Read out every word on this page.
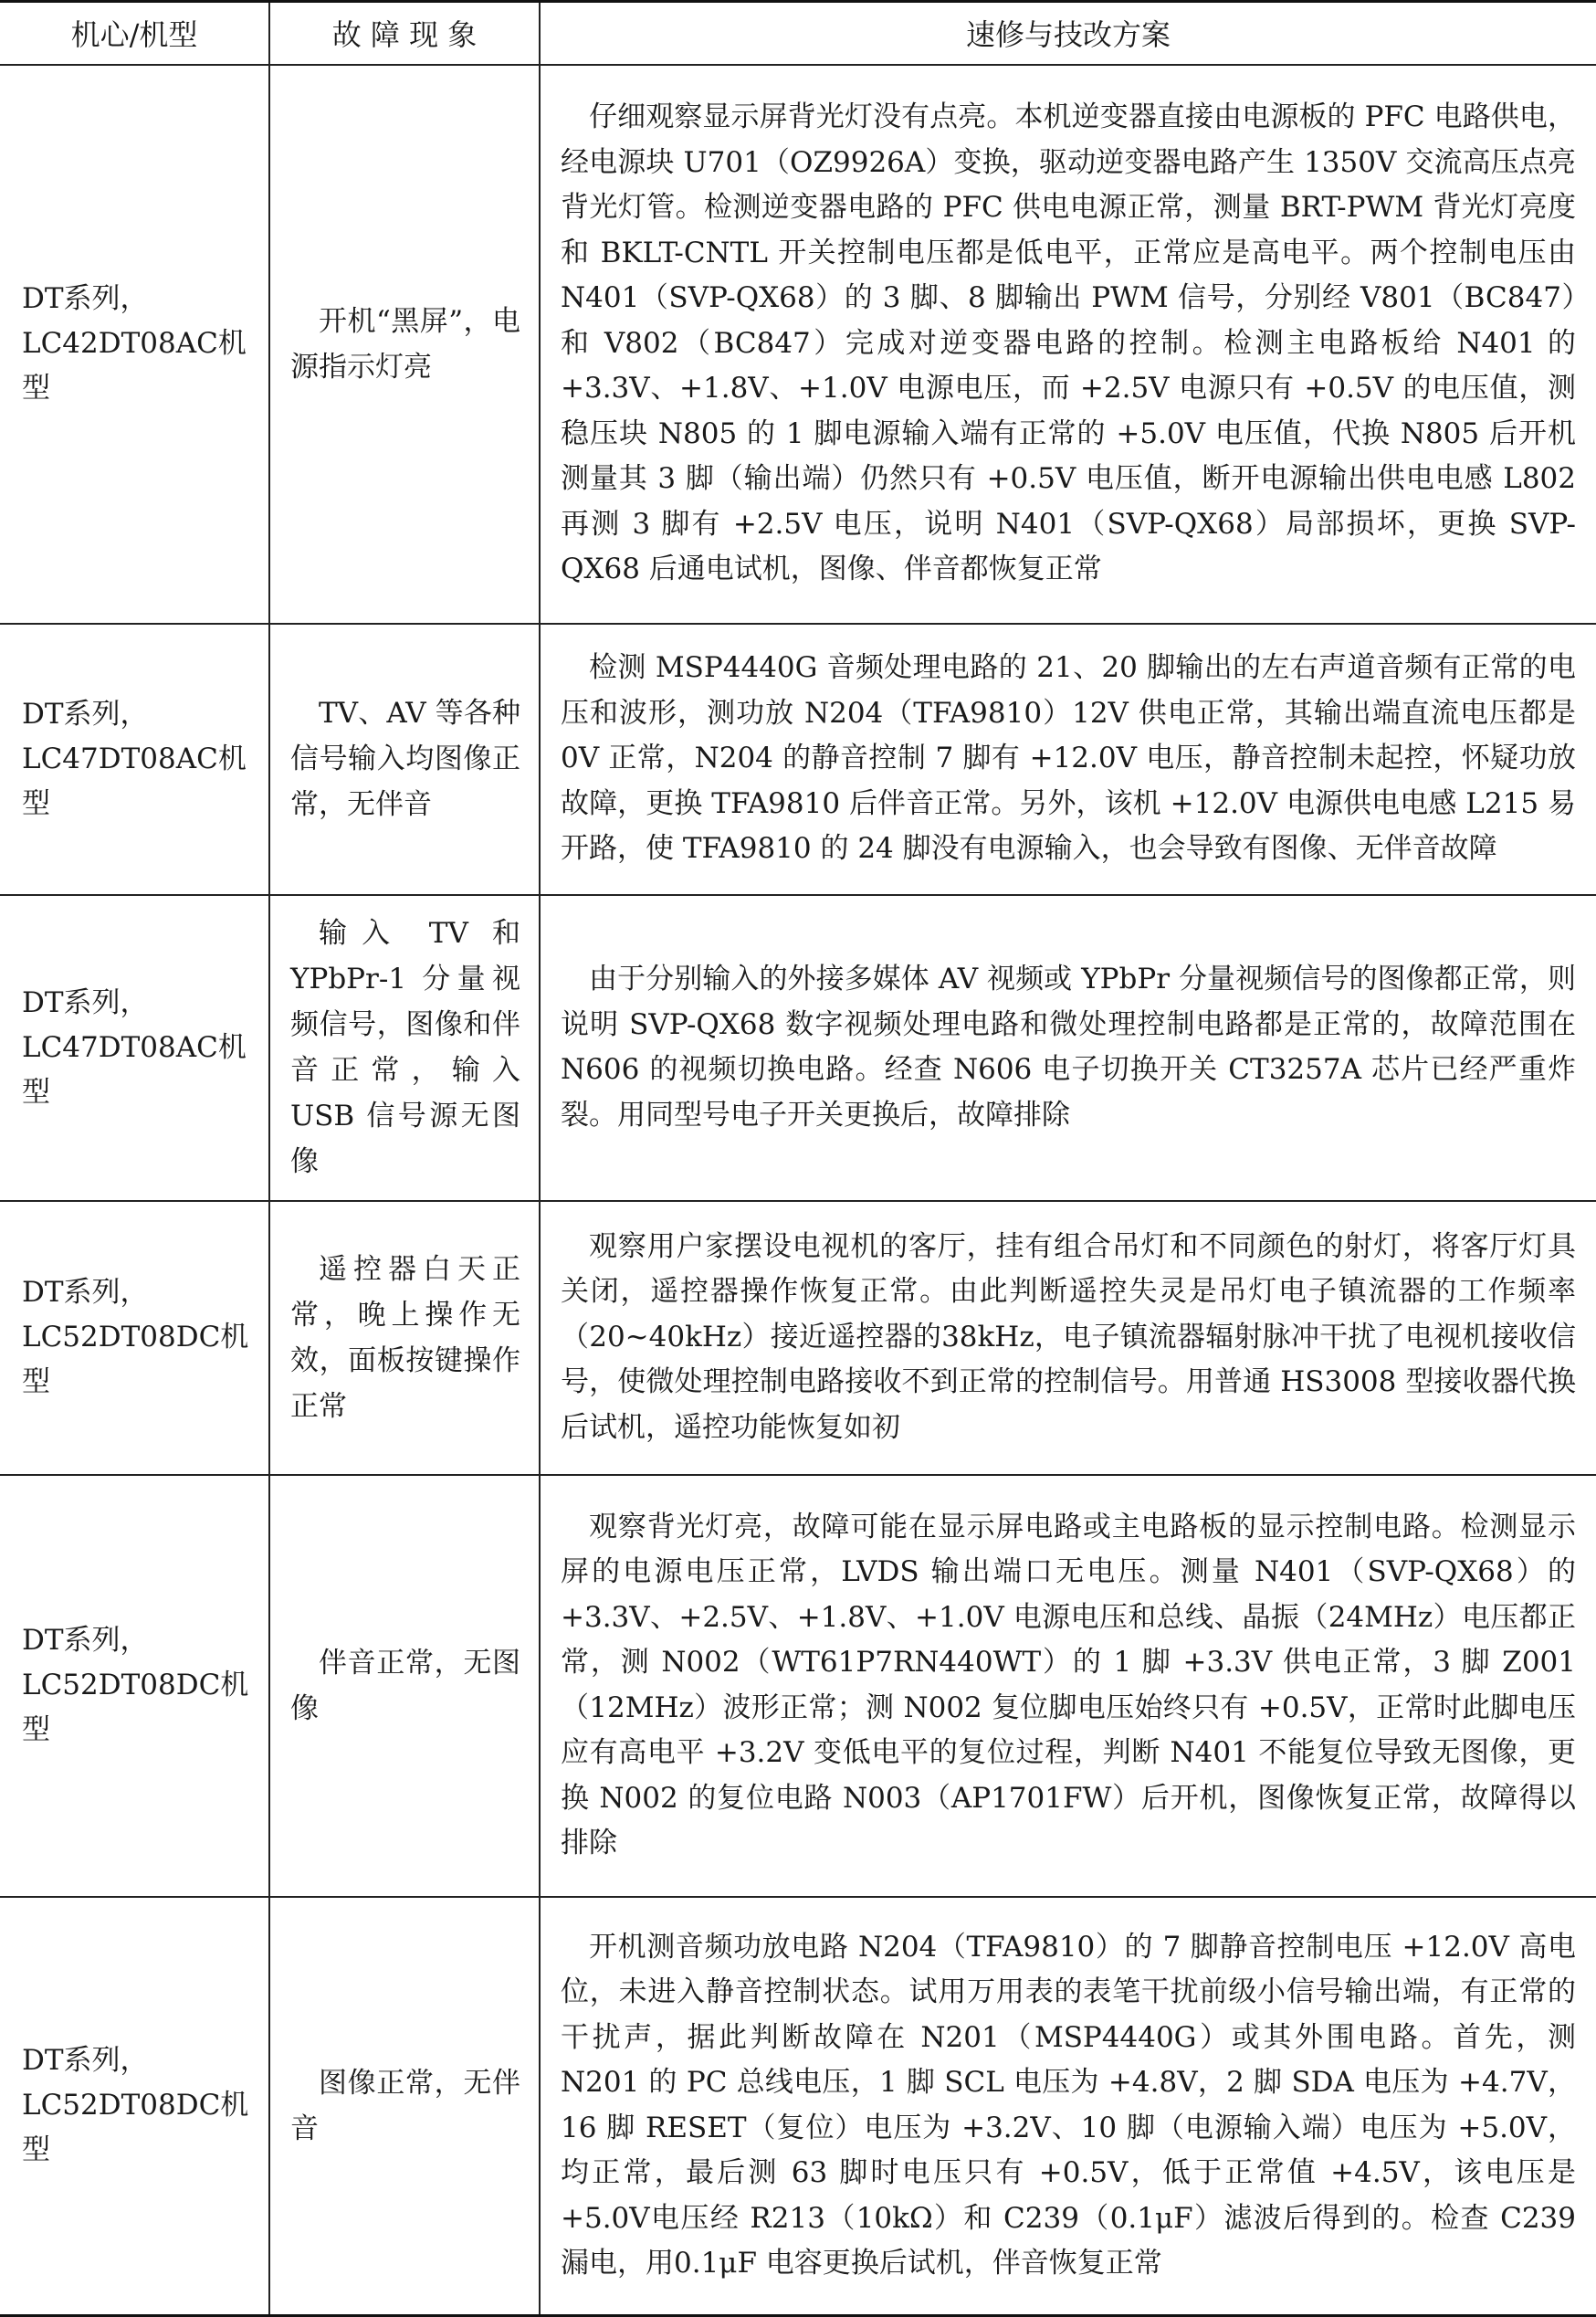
机心/机型	故 障 现 象	速修与技改方案
DT系列，LC42DT08AC机型	开机“黑屏”，电源指示灯亮	仔细观察显示屏背光灯没有点亮。本机逆变器直接由电源板的 PFC 电路供电，经电源块 U701（OZ9926A）变换，驱动逆变器电路产生 1350V 交流高压点亮背光灯管。检测逆变器电路的 PFC 供电电源正常，测量 BRT-PWM 背光灯亮度和 BKLT-CNTL 开关控制电压都是低电平，正常应是高电平。两个控制电压由 N401（SVP-QX68）的 3 脚、8 脚输出 PWM 信号，分别经 V801（BC847）和 V802（BC847）完成对逆变器电路的控制。检测主电路板给 N401 的 +3.3V、+1.8V、+1.0V 电源电压，而 +2.5V 电源只有 +0.5V 的电压值，测稳压块 N805 的 1 脚电源输入端有正常的 +5.0V 电压值，代换 N805 后开机测量其 3 脚（输出端）仍然只有 +0.5V 电压值，断开电源输出供电电感 L802 再测 3 脚有 +2.5V 电压，说明 N401（SVP-QX68）局部损坏，更换 SVP-QX68 后通电试机，图像、伴音都恢复正常
DT系列，LC47DT08AC机型	TV、AV 等各种信号输入均图像正常，无伴音	检测 MSP4440G 音频处理电路的 21、20 脚输出的左右声道音频有正常的电压和波形，测功放 N204（TFA9810）12V 供电正常，其输出端直流电压都是 0V 正常，N204 的静音控制 7 脚有 +12.0V 电压，静音控制未起控，怀疑功放故障，更换 TFA9810 后伴音正常。另外，该机 +12.0V 电源供电电感 L215 易开路，使 TFA9810 的 24 脚没有电源输入，也会导致有图像、无伴音故障
DT系列，LC47DT08AC机型	输入 TV 和 YPbPr-1 分量视频信号，图像和伴音正常，输入 USB 信号源无图像	由于分别输入的外接多媒体 AV 视频或 YPbPr 分量视频信号的图像都正常，则说明 SVP-QX68 数字视频处理电路和微处理控制电路都是正常的，故障范围在 N606 的视频切换电路。经查 N606 电子切换开关 CT3257A 芯片已经严重炸裂。用同型号电子开关更换后，故障排除
DT系列，LC52DT08DC机型	遥控器白天正常，晚上操作无效，面板按键操作正常	观察用户家摆设电视机的客厅，挂有组合吊灯和不同颜色的射灯，将客厅灯具关闭，遥控器操作恢复正常。由此判断遥控失灵是吊灯电子镇流器的工作频率（20~40kHz）接近遥控器的38kHz，电子镇流器辐射脉冲干扰了电视机接收信号，使微处理控制电路接收不到正常的控制信号。用普通 HS3008 型接收器代换后试机，遥控功能恢复如初
DT系列，LC52DT08DC机型	伴音正常，无图像	观察背光灯亮，故障可能在显示屏电路或主电路板的显示控制电路。检测显示屏的电源电压正常，LVDS 输出端口无电压。测量 N401（SVP-QX68）的 +3.3V、+2.5V、+1.8V、+1.0V 电源电压和总线、晶振（24MHz）电压都正常，测 N002（WT61P7RN440WT）的 1 脚 +3.3V 供电正常，3 脚 Z001（12MHz）波形正常；测 N002 复位脚电压始终只有 +0.5V，正常时此脚电压应有高电平 +3.2V 变低电平的复位过程，判断 N401 不能复位导致无图像，更换 N002 的复位电路 N003（AP1701FW）后开机，图像恢复正常，故障得以排除
DT系列，LC52DT08DC机型	图像正常，无伴音	开机测音频功放电路 N204（TFA9810）的 7 脚静音控制电压 +12.0V 高电位，未进入静音控制状态。试用万用表的表笔干扰前级小信号输出端，有正常的干扰声，据此判断故障在 N201（MSP4440G）或其外围电路。首先，测 N201 的 PC 总线电压，1 脚 SCL 电压为 +4.8V，2 脚 SDA 电压为 +4.7V，16 脚 RESET（复位）电压为 +3.2V、10 脚（电源输入端）电压为 +5.0V，均正常，最后测 63 脚时电压只有 +0.5V，低于正常值 +4.5V，该电压是 +5.0V电压经 R213（10kΩ）和 C239（0.1μF）滤波后得到的。检查 C239 漏电，用0.1μF 电容更换后试机，伴音恢复正常
